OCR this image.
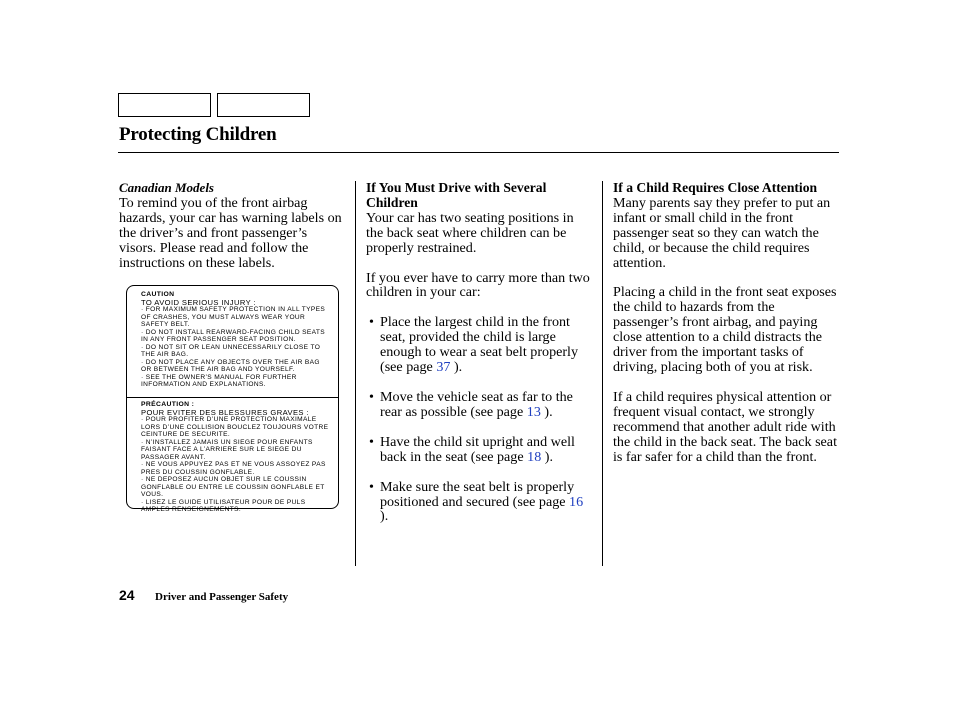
Protecting Children

Canadian Models

To remind you of the front airbag hazards, your car has warning labels on the driver’s and front passenger’s visors. Please read and follow the instructions on these labels.

CAUTION
TO AVOID SERIOUS INJURY :

· FOR MAXIMUM SAFETY PROTECTION IN ALL TYPES OF CRASHES, YOU MUST ALWAYS WEAR YOUR SAFETY BELT.

· DO NOT INSTALL REARWARD-FACING CHILD SEATS IN ANY FRONT PASSENGER SEAT POSITION.

· DO NOT SIT OR LEAN UNNECESSARILY CLOSE TO THE AIR BAG.

· DO NOT PLACE ANY OBJECTS OVER THE AIR BAG OR BETWEEN THE AIR BAG AND YOURSELF.

· SEE THE OWNER’S MANUAL FOR FURTHER INFORMATION AND EXPLANATIONS.

PRÉCAUTION :
POUR EVITER DES BLESSURES GRAVES :

· POUR PROFITER D’UNE PROTECTION MAXIMALE LORS D’UNE COLLISION BOUCLEZ TOUJOURS VOTRE CEINTURE DE SECURITE.

· N’INSTALLEZ JAMAIS UN SIEGE POUR ENFANTS FAISANT FACE A L’ARRIERE SUR LE SIEGE DU PASSAGER AVANT.

· NE VOUS APPUYEZ PAS ET NE VOUS ASSOYEZ PAS PRES DU COUSSIN GONFLABLE.

· NE DEPOSEZ AUCUN OBJET SUR LE COUSSIN GONFLABLE OU ENTRE LE COUSSIN GONFLABLE ET VOUS.

· LISEZ LE GUIDE UTILISATEUR POUR DE PULS AMPLES RENSEIGNEMENTS.

If You Must Drive with Several Children

Your car has two seating positions in the back seat where children can be properly restrained.

If you ever have to carry more than two children in your car:

• Place the largest child in the front seat, provided the child is large enough to wear a seat belt properly (see page 37 ).
• Move the vehicle seat as far to the rear as possible (see page 13 ).
• Have the child sit upright and well back in the seat (see page 18 ).
• Make sure the seat belt is properly positioned and secured (see page 16 ).

If a Child Requires Close Attention

Many parents say they prefer to put an infant or small child in the front passenger seat so they can watch the child, or because the child requires attention.

Placing a child in the front seat exposes the child to hazards from the passenger’s front airbag, and paying close attention to a child distracts the driver from the important tasks of driving, placing both of you at risk.

If a child requires physical attention or frequent visual contact, we strongly recommend that another adult ride with the child in the back seat. The back seat is far safer for a child than the front.

24 Driver and Passenger Safety
